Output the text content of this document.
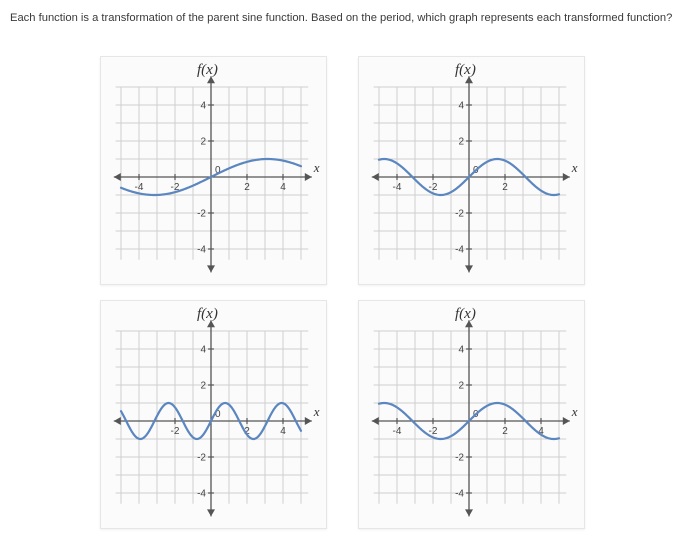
Each function is a transformation of the parent sine function. Based on the period, which graph represents each transformed function?
4
2
-2
-4
-4	-2	2	4
0
f(x)
x
4
2
-2
-4
-4	-2	2
0
f(x)
x
4
2
-2
-4
-2	2	4
0
f(x)
x
4
2
-2
-4
-4	-2	2	4
0
f(x)
x
